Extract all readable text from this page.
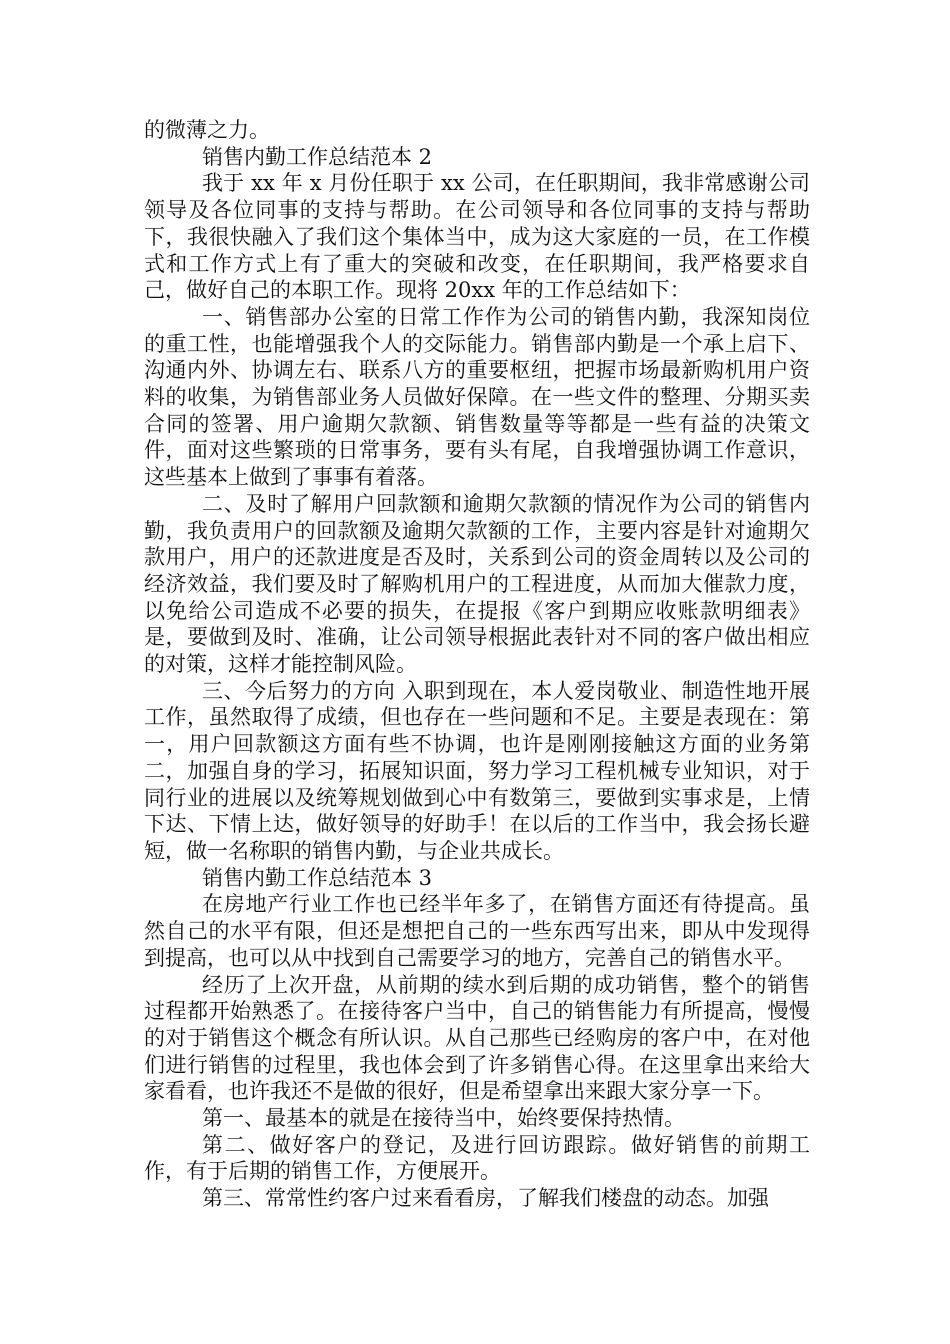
的微薄之力。

销售内勤工作总结范本 2

我于 xx 年 x 月份任职于 xx 公司，在任职期间，我非常感谢公司领导及各位同事的支持与帮助。在公司领导和各位同事的支持与帮助下，我很快融入了我们这个集体当中，成为这大家庭的一员，在工作模式和工作方式上有了重大的突破和改变，在任职期间，我严格要求自己，做好自己的本职工作。现将 20xx 年的工作总结如下：

一、销售部办公室的日常工作作为公司的销售内勤，我深知岗位的重工性，也能增强我个人的交际能力。销售部内勤是一个承上启下、沟通内外、协调左右、联系八方的重要枢纽，把握市场最新购机用户资料的收集，为销售部业务人员做好保障。在一些文件的整理、分期买卖合同的签署、用户逾期欠款额、销售数量等等都是一些有益的决策文件，面对这些繁琐的日常事务，要有头有尾，自我增强协调工作意识，这些基本上做到了事事有着落。

二、及时了解用户回款额和逾期欠款额的情况作为公司的销售内勤，我负责用户的回款额及逾期欠款额的工作，主要内容是针对逾期欠款用户，用户的还款进度是否及时，关系到公司的资金周转以及公司的经济效益，我们要及时了解购机用户的工程进度，从而加大催款力度，以免给公司造成不必要的损失，在提报《客户到期应收账款明细表》是，要做到及时、准确，让公司领导根据此表针对不同的客户做出相应的对策，这样才能控制风险。

三、今后努力的方向 入职到现在，本人爱岗敬业、制造性地开展工作，虽然取得了成绩，但也存在一些问题和不足。主要是表现在：第一，用户回款额这方面有些不协调，也许是刚刚接触这方面的业务第二，加强自身的学习，拓展知识面，努力学习工程机械专业知识，对于同行业的进展以及统筹规划做到心中有数第三，要做到实事求是，上情下达、下情上达，做好领导的好助手！在以后的工作当中，我会扬长避短，做一名称职的销售内勤，与企业共成长。

销售内勤工作总结范本 3

在房地产行业工作也已经半年多了，在销售方面还有待提高。虽然自己的水平有限，但还是想把自己的一些东西写出来，即从中发现得到提高，也可以从中找到自己需要学习的地方，完善自己的销售水平。

经历了上次开盘，从前期的续水到后期的成功销售，整个的销售过程都开始熟悉了。在接待客户当中，自己的销售能力有所提高，慢慢的对于销售这个概念有所认识。从自己那些已经购房的客户中，在对他们进行销售的过程里，我也体会到了许多销售心得。在这里拿出来给大家看看，也许我还不是做的很好，但是希望拿出来跟大家分享一下。

第一、最基本的就是在接待当中，始终要保持热情。

第二、做好客户的登记，及进行回访跟踪。做好销售的前期工作，有于后期的销售工作，方便展开。

第三、常常性约客户过来看看房，了解我们楼盘的动态。加强
